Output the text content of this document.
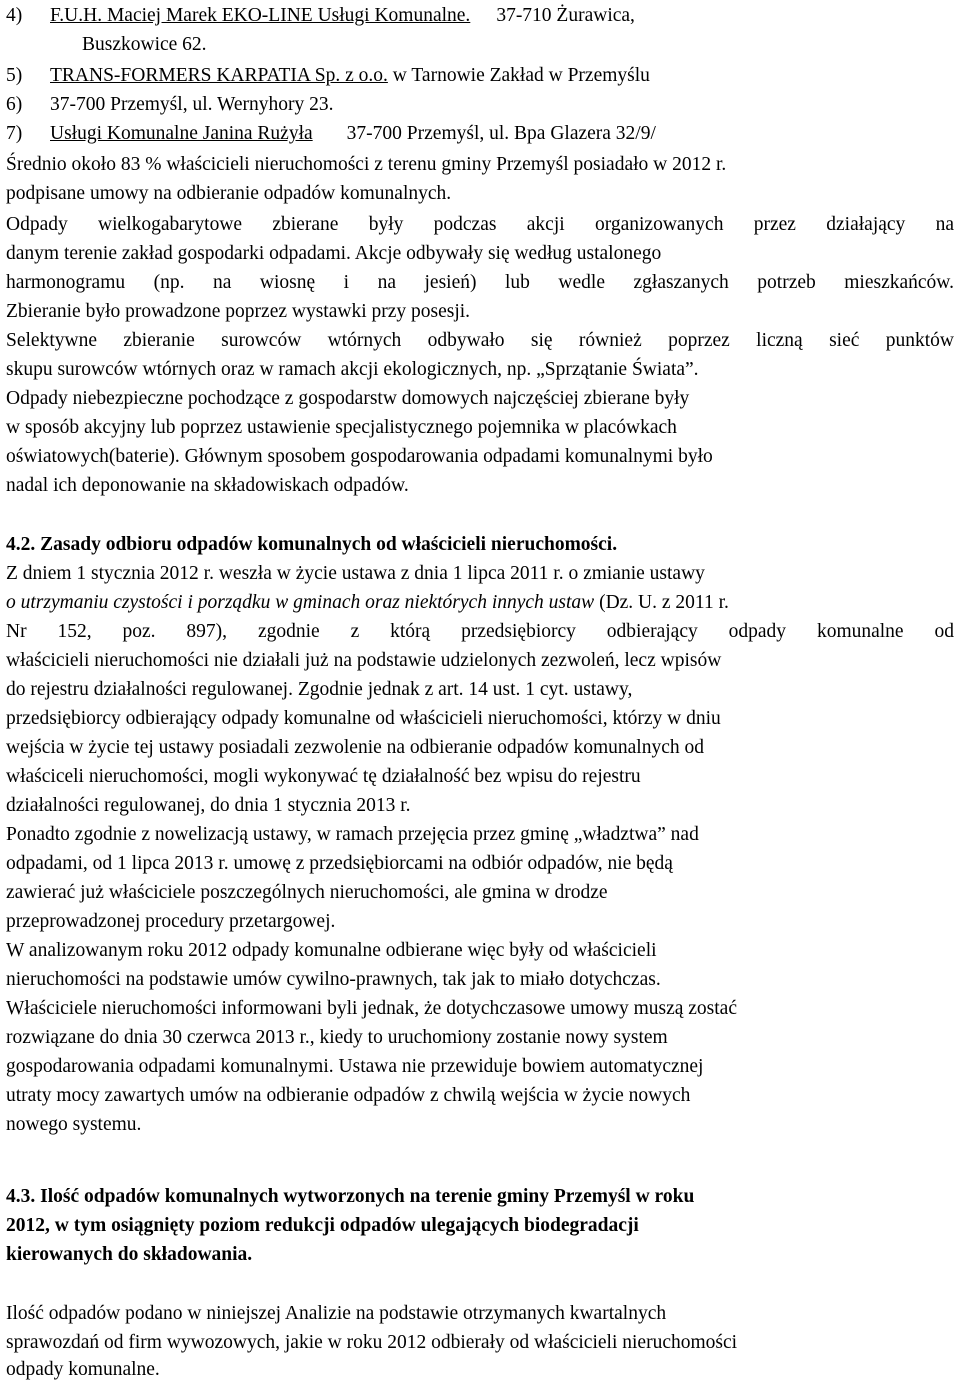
4) F.U.H. Maciej Marek EKO-LINE Usługi Komunalne. 37-710 Żurawica,
Buszkowice 62.
5) TRANS-FORMERS KARPATIA Sp. z o.o. w Tarnowie Zakład w Przemyślu
6) 37-700 Przemyśl, ul. Wernyhory 23.
7) Usługi Komunalne Janina Rużyła 37-700 Przemyśl, ul. Bpa Glazera 32/9/
Średnio około 83 % właścicieli nieruchomości z terenu gminy Przemyśl posiadało w 2012 r.
podpisane umowy na odbieranie odpadów komunalnych.
Odpady wielkogabarytowe zbierane były podczas akcji organizowanych przez działający na
danym terenie zakład gospodarki odpadami. Akcje odbywały się według ustalonego
harmonogramu (np. na wiosnę i na jesień) lub wedle zgłaszanych potrzeb mieszkańców.
Zbieranie było prowadzone poprzez wystawki przy posesji.
Selektywne zbieranie surowców wtórnych odbywało się również poprzez liczną sieć punktów
skupu surowców wtórnych oraz w ramach akcji ekologicznych, np. „Sprzątanie Świata”.
Odpady niebezpieczne pochodzące z gospodarstw domowych najczęściej zbierane były
w sposób akcyjny lub poprzez ustawienie specjalistycznego pojemnika w placówkach
oświatowych(baterie). Głównym sposobem gospodarowania odpadami komunalnymi było
nadal ich deponowanie na składowiskach odpadów.
4.2. Zasady odbioru odpadów komunalnych od właścicieli nieruchomości.
Z dniem 1 stycznia 2012 r. weszła w życie ustawa z dnia 1 lipca 2011 r. o zmianie ustawy
o utrzymaniu czystości i porządku w gminach oraz niektórych innych ustaw (Dz. U. z 2011 r.
Nr 152, poz. 897), zgodnie z którą przedsiębiorcy odbierający odpady komunalne od
właścicieli nieruchomości nie działali już na podstawie udzielonych zezwoleń, lecz wpisów
do rejestru działalności regulowanej. Zgodnie jednak z art. 14 ust. 1 cyt. ustawy,
przedsiębiorcy odbierający odpady komunalne od właścicieli nieruchomości, którzy w dniu
wejścia w życie tej ustawy posiadali zezwolenie na odbieranie odpadów komunalnych od
właściceli nieruchomości, mogli wykonywać tę działalność bez wpisu do rejestru
działalności regulowanej, do dnia 1 stycznia 2013 r.
Ponadto zgodnie z nowelizacją ustawy, w ramach przejęcia przez gminę „władztwa” nad
odpadami, od 1 lipca 2013 r. umowę z przedsiębiorcami na odbiór odpadów, nie będą
zawierać już właściciele poszczególnych nieruchomości, ale gmina w drodze
przeprowadzonej procedury przetargowej.
W analizowanym roku 2012 odpady komunalne odbierane więc były od właścicieli
nieruchomości na podstawie umów cywilno-prawnych, tak jak to miało dotychczas.
Właściciele nieruchomości informowani byli jednak, że dotychczasowe umowy muszą zostać
rozwiązane do dnia 30 czerwca 2013 r., kiedy to uruchomiony zostanie nowy system
gospodarowania odpadami komunalnymi. Ustawa nie przewiduje bowiem automatycznej
utraty mocy zawartych umów na odbieranie odpadów z chwilą wejścia w życie nowych
nowego systemu.
4.3. Ilość odpadów komunalnych wytworzonych na terenie gminy Przemyśl w roku
2012, w tym osiągnięty poziom redukcji odpadów ulegających biodegradacji
kierowanych do składowania.
Ilość odpadów podano w niniejszej Analizie na podstawie otrzymanych kwartalnych
sprawozdań od firm wywozowych, jakie w roku 2012 odbierały od właścicieli nieruchomości
odpady komunalne.
